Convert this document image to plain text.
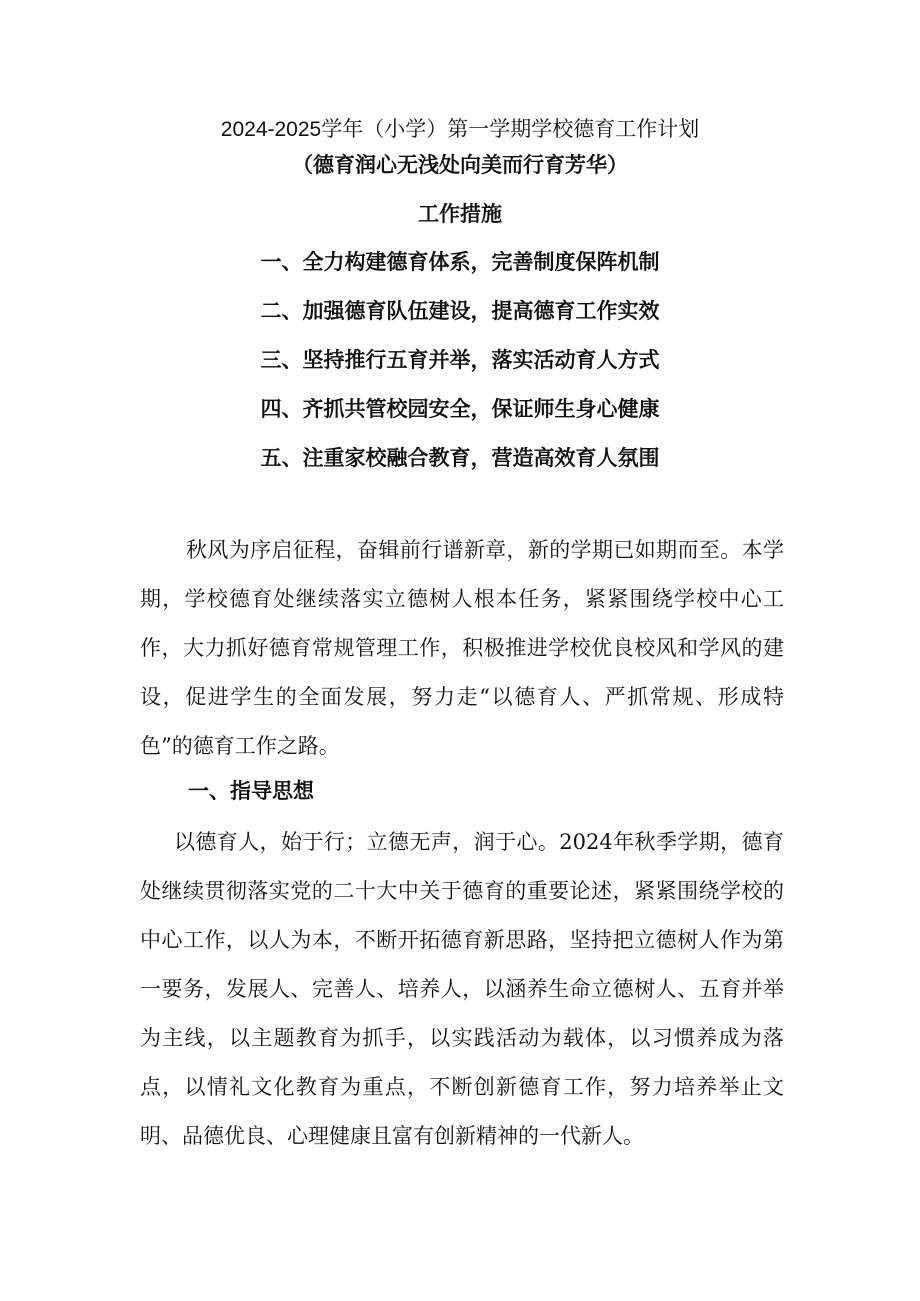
2024-2025学年（小学）第一学期学校德育工作计划
（德育润心无浅处向美而行育芳华）
工作措施
一、全力构建德育体系，完善制度保阵机制
二、加强德育队伍建设，提高德育工作实效
三、坚持推行五育并举，落实活动育人方式
四、齐抓共管校园安全，保证师生身心健康
五、注重家校融合教育，营造高效育人氛围

秋风为序启征程，奋辑前行谱新章，新的学期已如期而至。本学期，学校德育处继续落实立德树人根本任务，紧紧围绕学校中心工作，大力抓好德育常规管理工作，积极推进学校优良校风和学风的建设，促进学生的全面发展，努力走“以德育人、严抓常规、形成特色”的德育工作之路。

一、指导思想

以德育人，始于行；立德无声，润于心。2024年秋季学期，德育处继续贯彻落实党的二十大中关于德育的重要论述，紧紧围绕学校的中心工作，以人为本，不断开拓德育新思路，坚持把立德树人作为第一要务，发展人、完善人、培养人，以涵养生命立德树人、五育并举为主线，以主题教育为抓手，以实践活动为载体，以习惯养成为落点，以情礼文化教育为重点，不断创新德育工作，努力培养举止文明、品德优良、心理健康且富有创新精神的一代新人。
